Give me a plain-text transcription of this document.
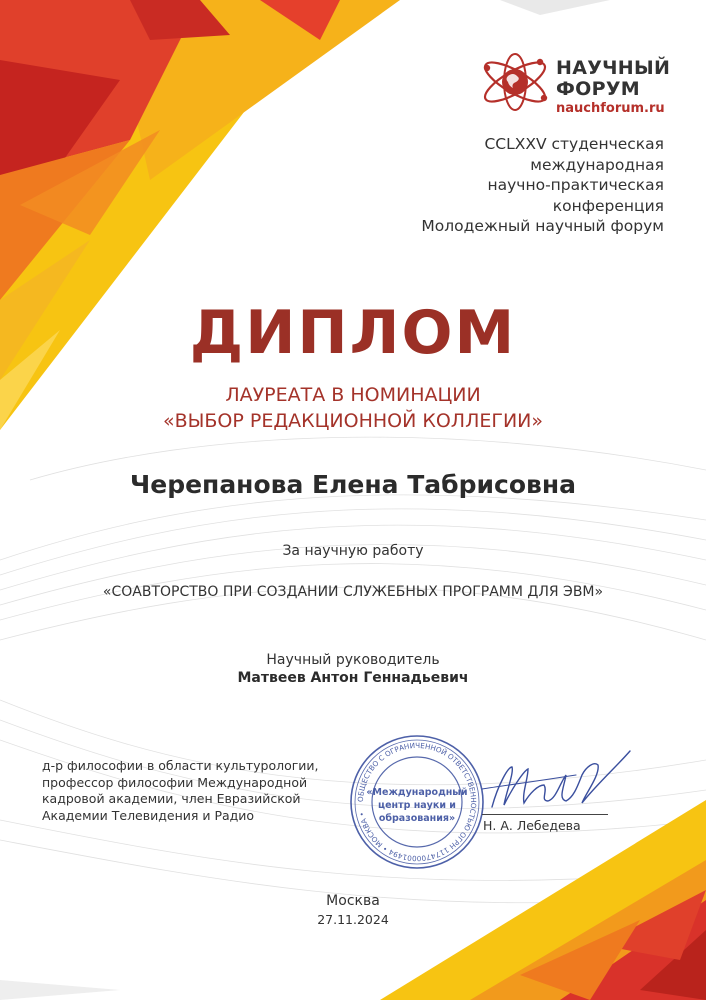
НАУЧНЫЙ
ФОРУМ
nauchforum.ru
CCLXXV студенческая
международная
научно-практическая
конференция
Молодежный научный форум
ДИПЛОМ
ЛАУРЕАТА В НОМИНАЦИИ
«ВЫБОР РЕДАКЦИОННОЙ КОЛЛЕГИИ»
Черепанова Елена Табрисовна
За научную работу
«СОАВТОРСТВО ПРИ СОЗДАНИИ СЛУЖЕБНЫХ ПРОГРАММ ДЛЯ ЭВМ»
Научный руководитель
Матвеев Антон Геннадьевич
д-р философии в области культурологии,
профессор философии Международной
кадровой академии, член Евразийской
Академии Телевидения и Радио
ОБЩЕСТВО С ОГРАНИЧЕННОЙ ОТВЕТСТВЕННОСТЬЮ ОГРН 1174700001494 • МОСКВА •
«Международный
центр науки и
образования» Н. А. Лебедева
Москва
27.11.2024
